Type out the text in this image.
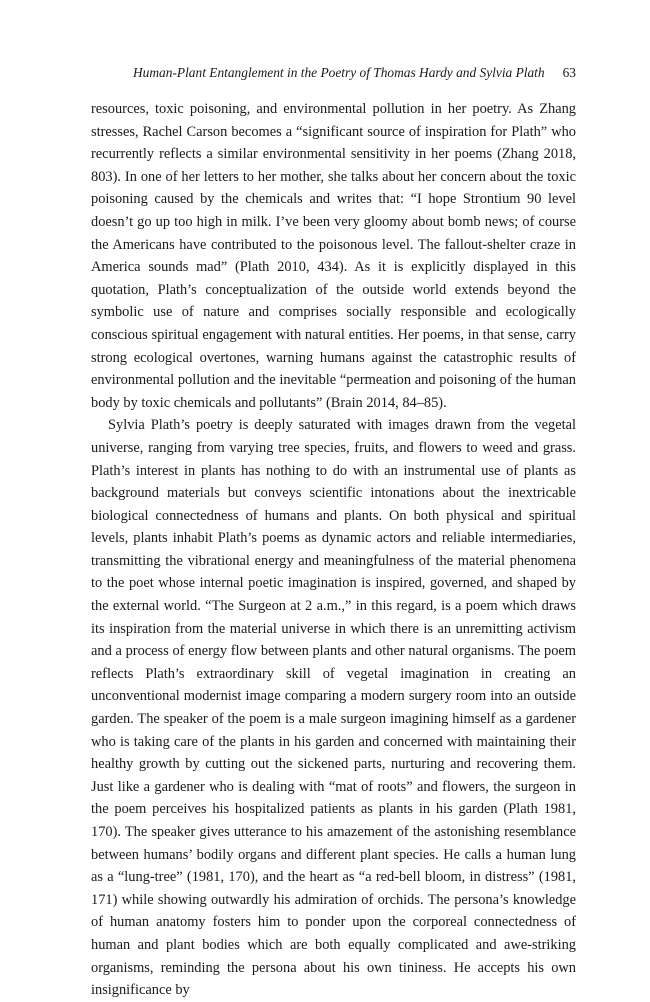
Human-Plant Entanglement in the Poetry of Thomas Hardy and Sylvia Plath 63

resources, toxic poisoning, and environmental pollution in her poetry. As Zhang stresses, Rachel Carson becomes a “significant source of inspiration for Plath” who recurrently reflects a similar environmental sensitivity in her poems (Zhang 2018, 803). In one of her letters to her mother, she talks about her concern about the toxic poisoning caused by the chemicals and writes that: “I hope Strontium 90 level doesn’t go up too high in milk. I’ve been very gloomy about bomb news; of course the Americans have contributed to the poisonous level. The fallout-shelter craze in America sounds mad” (Plath 2010, 434). As it is explicitly displayed in this quotation, Plath’s conceptualization of the outside world extends beyond the symbolic use of nature and comprises socially responsible and ecologically conscious spiritual engagement with natural entities. Her poems, in that sense, carry strong ecological overtones, warning humans against the catastrophic results of environmental pollution and the inevitable “permeation and poisoning of the human body by toxic chemicals and pollutants” (Brain 2014, 84–85).

Sylvia Plath’s poetry is deeply saturated with images drawn from the vegetal universe, ranging from varying tree species, fruits, and flowers to weed and grass. Plath’s interest in plants has nothing to do with an instrumental use of plants as background materials but conveys scientific intonations about the inextricable biological connectedness of humans and plants. On both physical and spiritual levels, plants inhabit Plath’s poems as dynamic actors and reliable intermediaries, transmitting the vibrational energy and meaningfulness of the material phenomena to the poet whose internal poetic imagination is inspired, governed, and shaped by the external world. “The Surgeon at 2 a.m.,” in this regard, is a poem which draws its inspiration from the material universe in which there is an unremitting activism and a process of energy flow between plants and other natural organisms. The poem reflects Plath’s extraordinary skill of vegetal imagination in creating an unconventional modernist image comparing a modern surgery room into an outside garden. The speaker of the poem is a male surgeon imagining himself as a gardener who is taking care of the plants in his garden and concerned with maintaining their healthy growth by cutting out the sickened parts, nurturing and recovering them. Just like a gardener who is dealing with “mat of roots” and flowers, the surgeon in the poem perceives his hospitalized patients as plants in his garden (Plath 1981, 170). The speaker gives utterance to his amazement of the astonishing resemblance between humans’ bodily organs and different plant species. He calls a human lung as a “lung-tree” (1981, 170), and the heart as “a red-bell bloom, in distress” (1981, 171) while showing outwardly his admiration of orchids. The persona’s knowledge of human anatomy fosters him to ponder upon the corporeal connectedness of human and plant bodies which are both equally complicated and awe-striking organisms, reminding the persona about his own tininess. He accepts his own insignificance by
